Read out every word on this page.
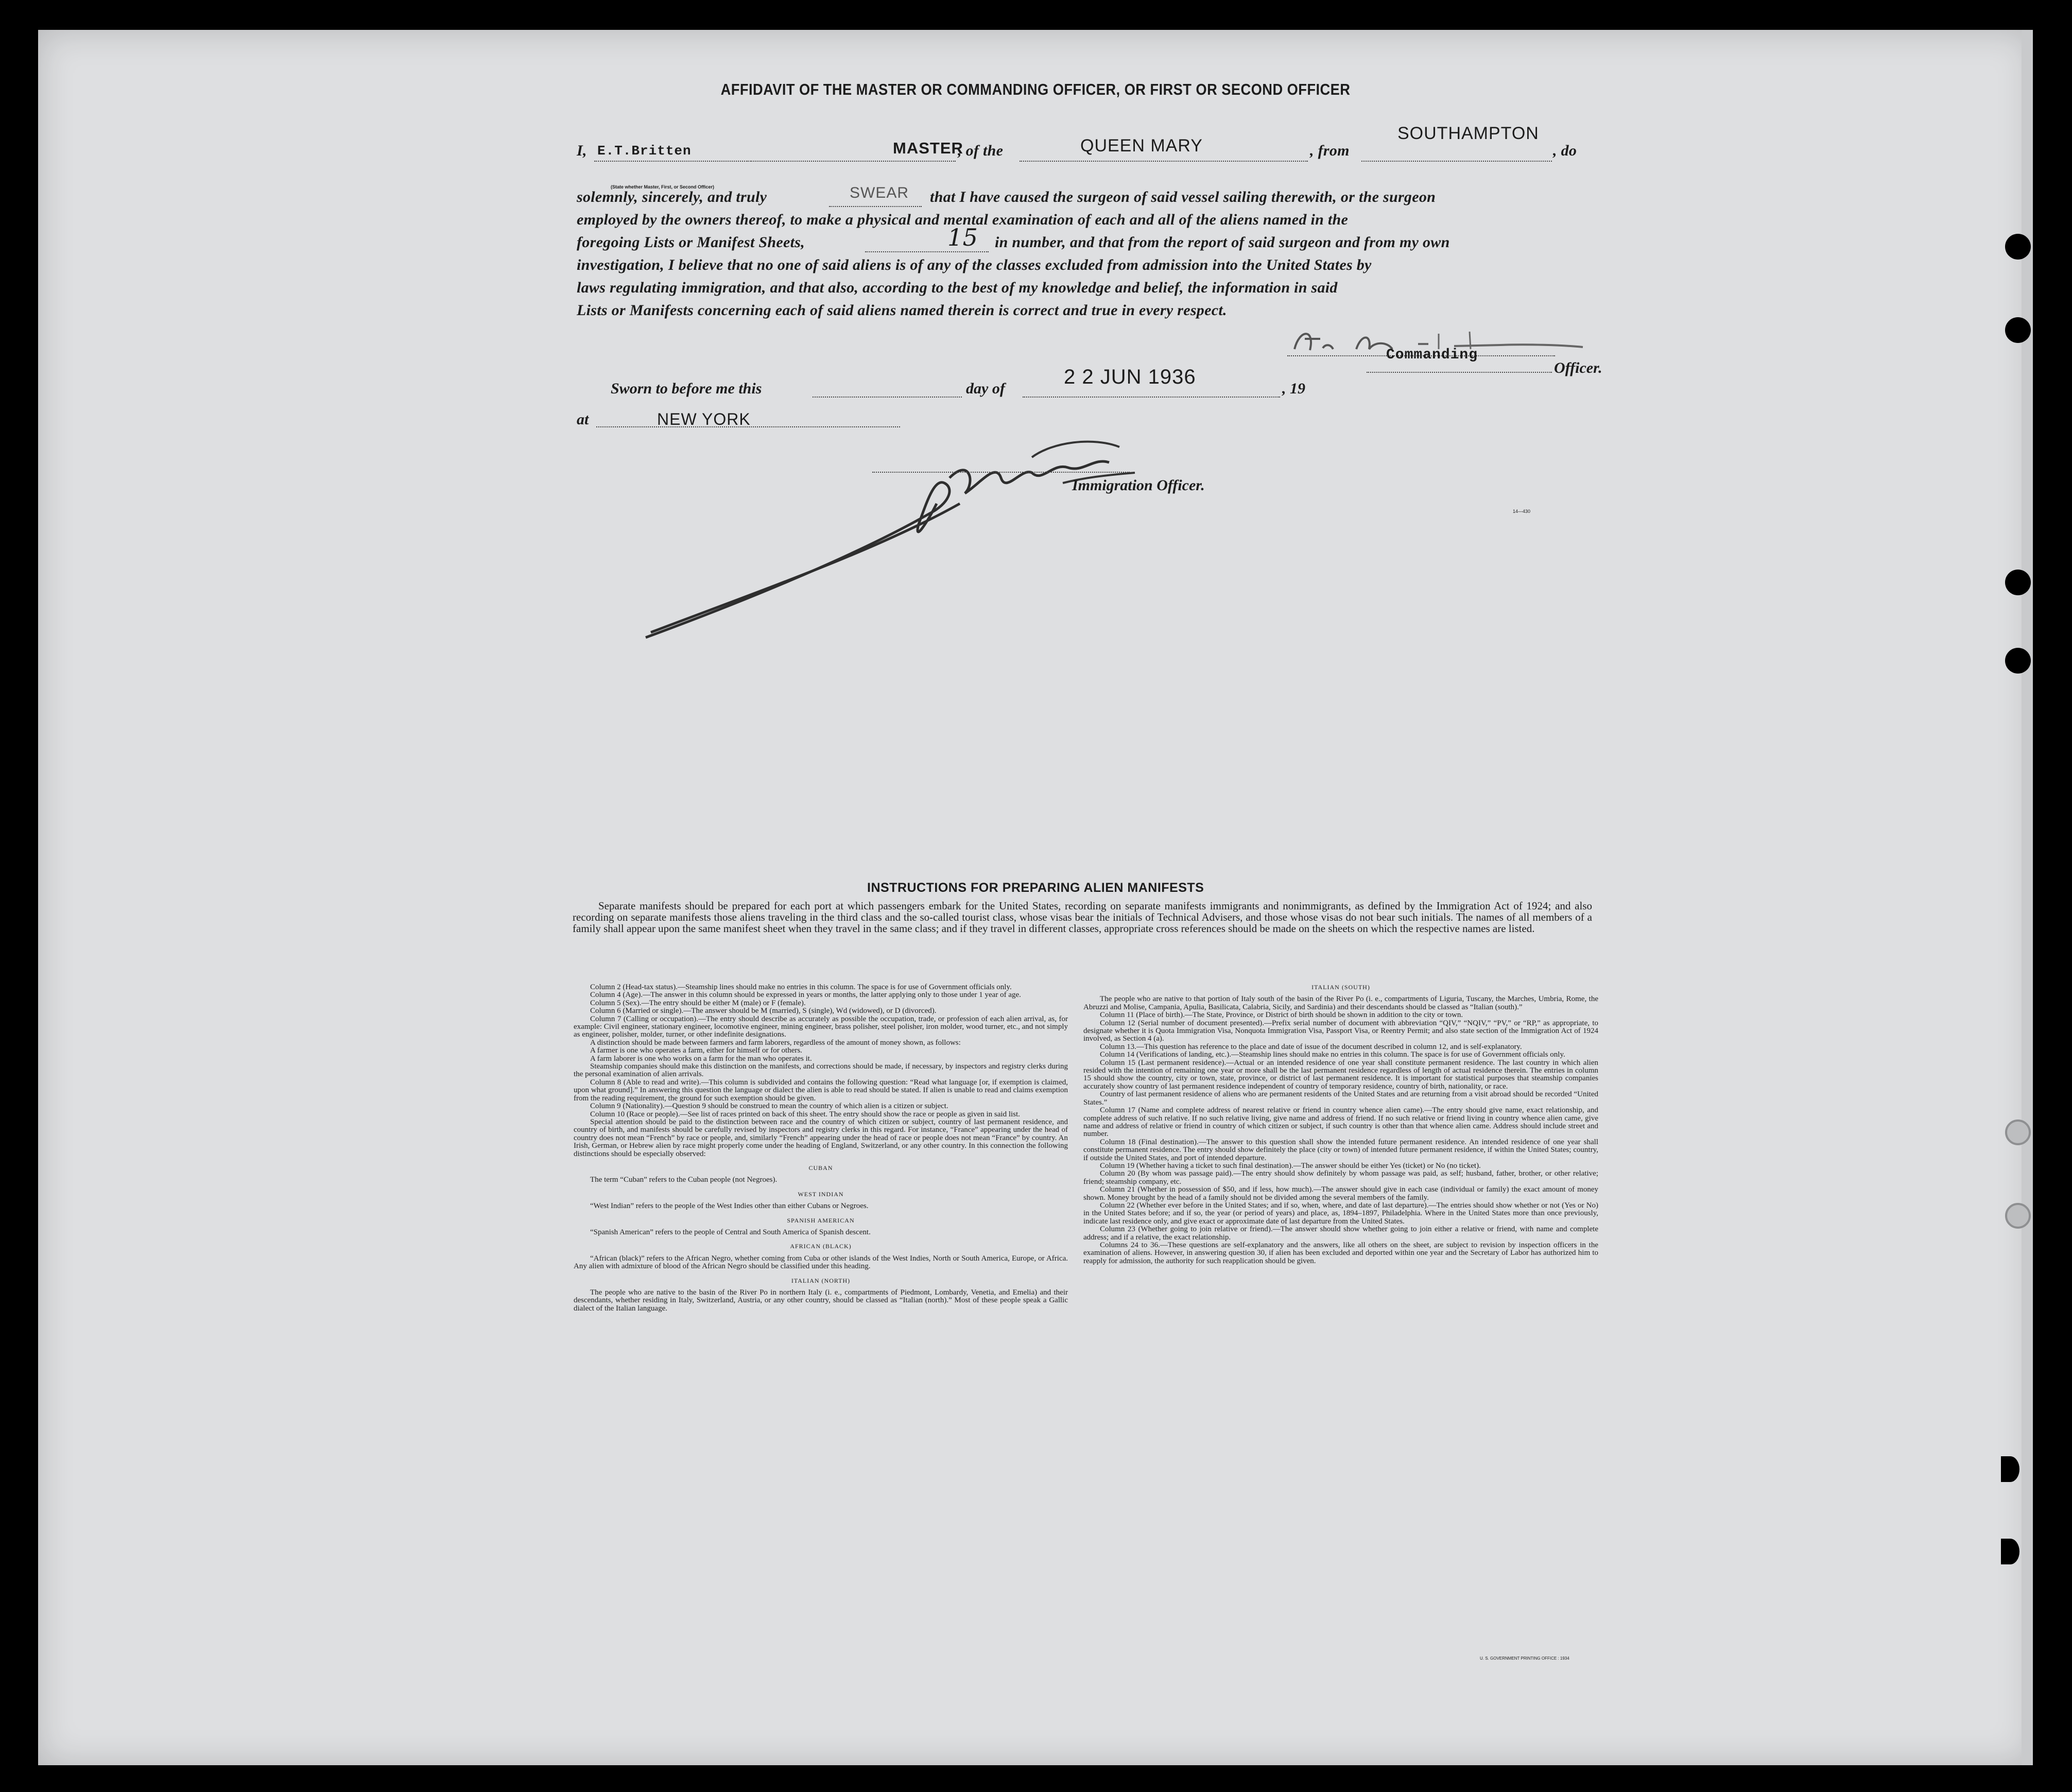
AFFIDAVIT OF THE MASTER OR COMMANDING OFFICER, OR FIRST OR SECOND OFFICER
I, E.T.Britten	MASTER
, of the	QUEEN MARY	, from
SOUTHAMPTON
, do
(State whether Master, First, or Second Officer)
solemnly, sincerely, and truly	SWEAR that I have caused the surgeon of said vessel sailing therewith, or the surgeon
employed by the owners thereof, to make a physical and mental examination of each and all of the aliens named in the
foregoing Lists or Manifest Sheets,	15 in number, and that from the report of said surgeon and from my own
investigation, I believe that no one of said aliens is of any of the classes excluded from admission into the United States by
laws regulating immigration, and that also, according to the best of my knowledge and belief, the information in said
Lists or Manifests concerning each of said aliens named therein is correct and true in every respect.
Commanding
Officer.
Sworn to before me this	day of
2 2 JUN 1936
, 19
at	NEW YORK
Immigration Officer.
14—430
INSTRUCTIONS FOR PREPARING ALIEN MANIFESTS
Separate manifests should be prepared for each port at which passengers embark for the United States, recording on separate manifests immigrants and nonimmigrants, as defined by the Immigration Act of 1924; and also recording on separate manifests those aliens traveling in the third class and the so-called tourist class, whose visas bear the initials of Technical Advisers, and those whose visas do not bear such initials. The names of all members of a family shall appear upon the same manifest sheet when they travel in the same class; and if they travel in different classes, appropriate cross references should be made on the sheets on which the respective names are listed.

Column 2 (Head-tax status).—Steamship lines should make no entries in this column. The space is for use of Government officials only.

Column 4 (Age).—The answer in this column should be expressed in years or months, the latter applying only to those under 1 year of age.

Column 5 (Sex).—The entry should be either M (male) or F (female).

Column 6 (Married or single).—The answer should be M (married), S (single), Wd (widowed), or D (divorced).

Column 7 (Calling or occupation).—The entry should describe as accurately as possible the occupation, trade, or profession of each alien arrival, as, for example: Civil engineer, stationary engineer, locomotive engineer, mining engineer, brass polisher, steel polisher, iron molder, wood turner, etc., and not simply as engineer, polisher, molder, turner, or other indefinite designations.

A distinction should be made between farmers and farm laborers, regardless of the amount of money shown, as follows:

A farmer is one who operates a farm, either for himself or for others.

A farm laborer is one who works on a farm for the man who operates it.

Steamship companies should make this distinction on the manifests, and corrections should be made, if necessary, by inspectors and registry clerks during the personal examination of alien arrivals.

Column 8 (Able to read and write).—This column is subdivided and contains the following question: “Read what language [or, if exemption is claimed, upon what ground].” In answering this question the language or dialect the alien is able to read should be stated. If alien is unable to read and claims exemption from the reading requirement, the ground for such exemption should be given.

Column 9 (Nationality).—Question 9 should be construed to mean the country of which alien is a citizen or subject.

Column 10 (Race or people).—See list of races printed on back of this sheet. The entry should show the race or people as given in said list.

Special attention should be paid to the distinction between race and the country of which citizen or subject, country of last permanent residence, and country of birth, and manifests should be carefully revised by inspectors and registry clerks in this regard. For instance, “France” appearing under the head of country does not mean “French” by race or people, and, similarly “French” appearing under the head of race or people does not mean “France” by country. An Irish, German, or Hebrew alien by race might properly come under the heading of England, Switzerland, or any other country. In this connection the following distinctions should be especially observed:

CUBAN

The term “Cuban” refers to the Cuban people (not Negroes).

WEST INDIAN

“West Indian” refers to the people of the West Indies other than either Cubans or Negroes.

SPANISH AMERICAN

“Spanish American” refers to the people of Central and South America of Spanish descent.

AFRICAN (BLACK)

“African (black)” refers to the African Negro, whether coming from Cuba or other islands of the West Indies, North or South America, Europe, or Africa. Any alien with admixture of blood of the African Negro should be classified under this heading.

ITALIAN (NORTH)

The people who are native to the basin of the River Po in northern Italy (i. e., compartments of Piedmont, Lombardy, Venetia, and Emelia) and their descendants, whether residing in Italy, Switzerland, Austria, or any other country, should be classed as “Italian (north).” Most of these people speak a Gallic dialect of the Italian language.

ITALIAN (SOUTH)

The people who are native to that portion of Italy south of the basin of the River Po (i. e., compartments of Liguria, Tuscany, the Marches, Umbria, Rome, the Abruzzi and Molise, Campania, Apulia, Basilicata, Calabria, Sicily, and Sardinia) and their descendants should be classed as “Italian (south).”

Column 11 (Place of birth).—The State, Province, or District of birth should be shown in addition to the city or town.

Column 12 (Serial number of document presented).—Prefix serial number of document with abbreviation “QIV,” “NQIV,” “PV,” or “RP,” as appropriate, to designate whether it is Quota Immigration Visa, Nonquota Immigration Visa, Passport Visa, or Reentry Permit; and also state section of the Immigration Act of 1924 involved, as Section 4 (a).

Column 13.—This question has reference to the place and date of issue of the document described in column 12, and is self-explanatory.

Column 14 (Verifications of landing, etc.).—Steamship lines should make no entries in this column. The space is for use of Government officials only.

Column 15 (Last permanent residence).—Actual or an intended residence of one year shall constitute permanent residence. The last country in which alien resided with the intention of remaining one year or more shall be the last permanent residence regardless of length of actual residence therein. The entries in column 15 should show the country, city or town, state, province, or district of last permanent residence. It is important for statistical purposes that steamship companies accurately show country of last permanent residence independent of country of temporary residence, country of birth, nationality, or race.

Country of last permanent residence of aliens who are permanent residents of the United States and are returning from a visit abroad should be recorded “United States.”

Column 17 (Name and complete address of nearest relative or friend in country whence alien came).—The entry should give name, exact relationship, and complete address of such relative. If no such relative living, give name and address of friend. If no such relative or friend living in country whence alien came, give name and address of relative or friend in country of which citizen or subject, if such country is other than that whence alien came. Address should include street and number.

Column 18 (Final destination).—The answer to this question shall show the intended future permanent residence. An intended residence of one year shall constitute permanent residence. The entry should show definitely the place (city or town) of intended future permanent residence, if within the United States; country, if outside the United States, and port of intended departure.

Column 19 (Whether having a ticket to such final destination).—The answer should be either Yes (ticket) or No (no ticket).

Column 20 (By whom was passage paid).—The entry should show definitely by whom passage was paid, as self; husband, father, brother, or other relative; friend; steamship company, etc.

Column 21 (Whether in possession of $50, and if less, how much).—The answer should give in each case (individual or family) the exact amount of money shown. Money brought by the head of a family should not be divided among the several members of the family.

Column 22 (Whether ever before in the United States; and if so, when, where, and date of last departure).—The entries should show whether or not (Yes or No) in the United States before; and if so, the year (or period of years) and place, as, 1894–1897, Philadelphia. Where in the United States more than once previously, indicate last residence only, and give exact or approximate date of last departure from the United States.

Column 23 (Whether going to join relative or friend).—The answer should show whether going to join either a relative or friend, with name and complete address; and if a relative, the exact relationship.

Columns 24 to 36.—These questions are self-explanatory and the answers, like all others on the sheet, are subject to revision by inspection officers in the examination of aliens. However, in answering question 30, if alien has been excluded and deported within one year and the Secretary of Labor has authorized him to reapply for admission, the authority for such reapplication should be given.

U. S. GOVERNMENT PRINTING OFFICE : 1934
